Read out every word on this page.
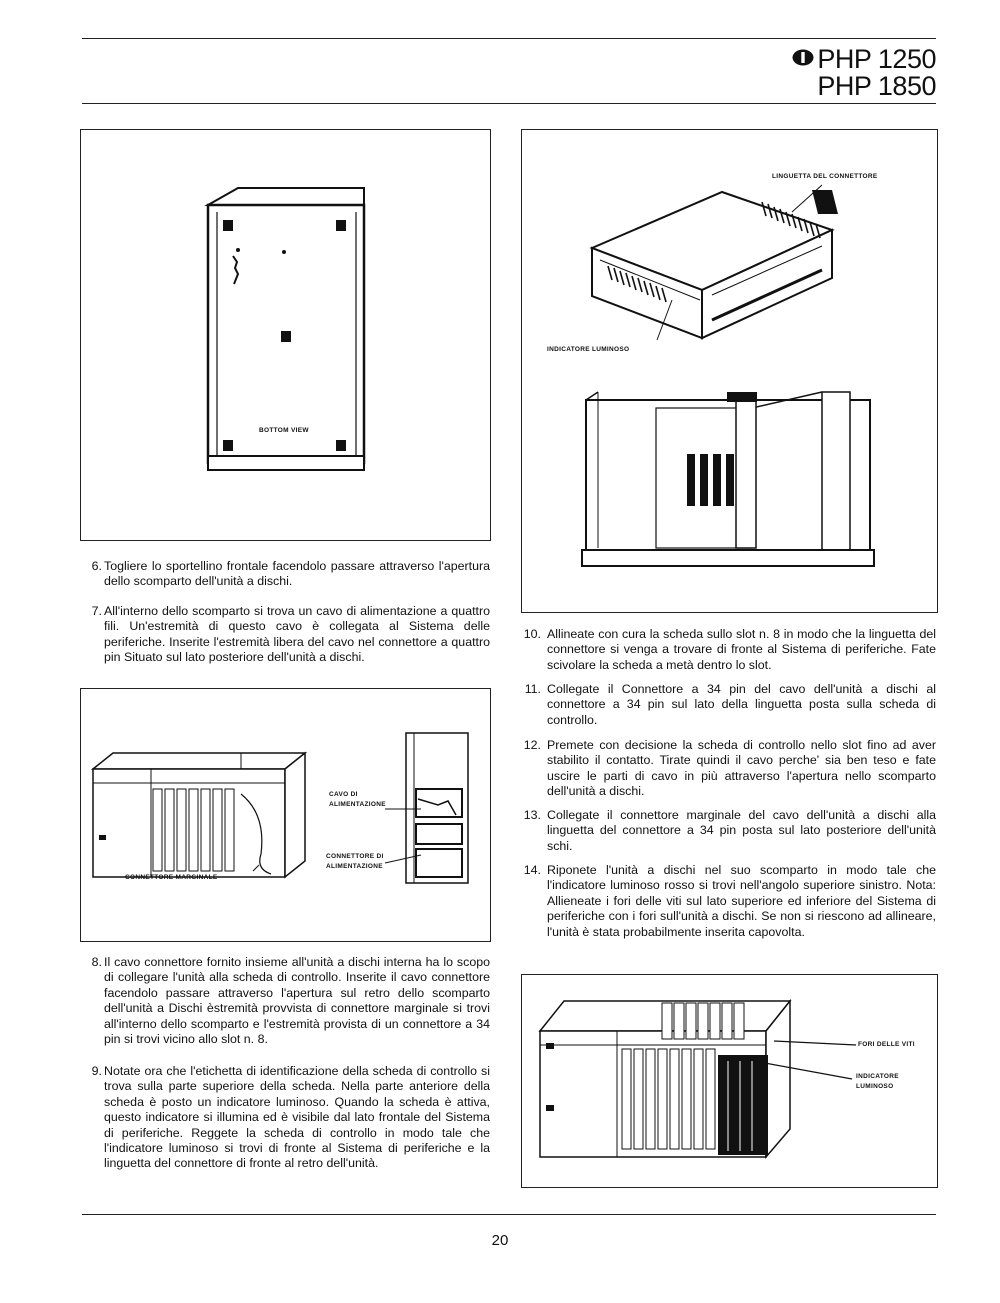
PHP 1250
PHP 1850
BOTTOM VIEW
LINGUETTA DEL CONNETTORE
INDICATORE LUMINOSO
6. Togliere lo sportellino frontale facendolo passare attraverso l'apertura dello scomparto dell'unità a dischi.
7. All'interno dello scomparto si trova un cavo di alimentazione a quattro fili. Un'estremità di questo cavo è collegata al Sistema delle periferiche. Inserite l'estremità libera del cavo nel connettore a quattro pin Situato sul lato posteriore dell'unità a dischi.
CAVO DI
ALIMENTAZIONE
CONNETTORE DI
ALIMENTAZIONE
CONNETTORE MARGINALE
8. Il cavo connettore fornito insieme all'unità a dischi interna ha lo scopo di collegare l'unità alla scheda di controllo. Inserite il cavo connettore facendolo passare attraverso l'apertura sul retro dello scomparto dell'unità a Dischi èstremità provvista di connettore marginale si trovi all'interno dello scomparto e l'estremità provista di un connettore a 34 pin si trovi vicino allo slot n. 8.
9. Notate ora che l'etichetta di identificazione della scheda di controllo si trova sulla parte superiore della scheda. Nella parte anteriore della scheda è posto un indicatore luminoso. Quando la scheda è attiva, questo indicatore si illumina ed è visibile dal lato frontale del Sistema di periferiche. Reggete la scheda di controllo in modo tale che l'indicatore luminoso si trovi di fronte al Sistema di periferiche e la linguetta del connettore di fronte al retro dell'unità.
10. Allineate con cura la scheda sullo slot n. 8 in modo che la linguetta del connettore si venga a trovare di fronte al Sistema di periferiche. Fate scivolare la scheda a metà dentro lo slot.
11. Collegate il Connettore a 34 pin del cavo dell'unità a dischi al connettore a 34 pin sul lato della linguetta posta sulla scheda di controllo.
12. Premete con decisione la scheda di controllo nello slot fino ad aver stabilito il contatto. Tirate quindi il cavo perche' sia ben teso e fate uscire le parti di cavo in più attraverso l'apertura nello scomparto dell'unità a dischi.
13. Collegate il connettore marginale del cavo dell'unità a dischi alla linguetta del connettore a 34 pin posta sul lato posteriore dell'unità schi.
14. Riponete l'unità a dischi nel suo scomparto in modo tale che l'indicatore luminoso rosso si trovi nell'angolo superiore sinistro. Nota: Allieneate i fori delle viti sul lato superiore ed inferiore del Sistema di periferiche con i fori sull'unità a dischi. Se non si riescono ad allineare, l'unità è stata probabilmente inserita capovolta.
FORI DELLE VITI
INDICATORE
LUMINOSO
20
